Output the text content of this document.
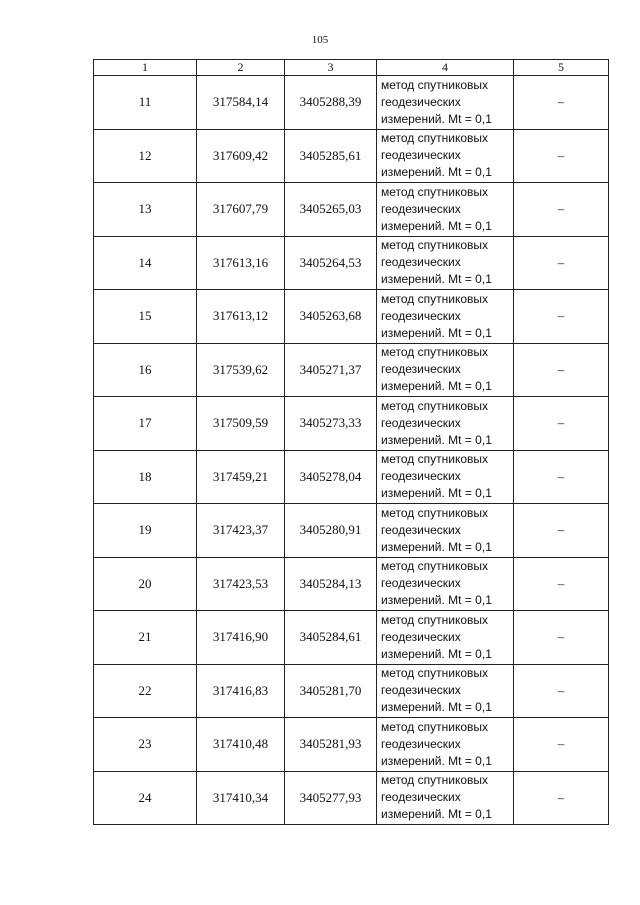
105
1	2	3	4	5
11	317584,14	3405288,39	метод спутниковых
геодезических
измерений. Mt = 0,1	–
12	317609,42	3405285,61	метод спутниковых
геодезических
измерений. Mt = 0,1	–
13	317607,79	3405265,03	метод спутниковых
геодезических
измерений. Mt = 0,1	–
14	317613,16	3405264,53	метод спутниковых
геодезических
измерений. Mt = 0,1	–
15	317613,12	3405263,68	метод спутниковых
геодезических
измерений. Mt = 0,1	–
16	317539,62	3405271,37	метод спутниковых
геодезических
измерений. Mt = 0,1	–
17	317509,59	3405273,33	метод спутниковых
геодезических
измерений. Mt = 0,1	–
18	317459,21	3405278,04	метод спутниковых
геодезических
измерений. Mt = 0,1	–
19	317423,37	3405280,91	метод спутниковых
геодезических
измерений. Mt = 0,1	–
20	317423,53	3405284,13	метод спутниковых
геодезических
измерений. Mt = 0,1	–
21	317416,90	3405284,61	метод спутниковых
геодезических
измерений. Mt = 0,1	–
22	317416,83	3405281,70	метод спутниковых
геодезических
измерений. Mt = 0,1	–
23	317410,48	3405281,93	метод спутниковых
геодезических
измерений. Mt = 0,1	–
24	317410,34	3405277,93	метод спутниковых
геодезических
измерений. Mt = 0,1	–
